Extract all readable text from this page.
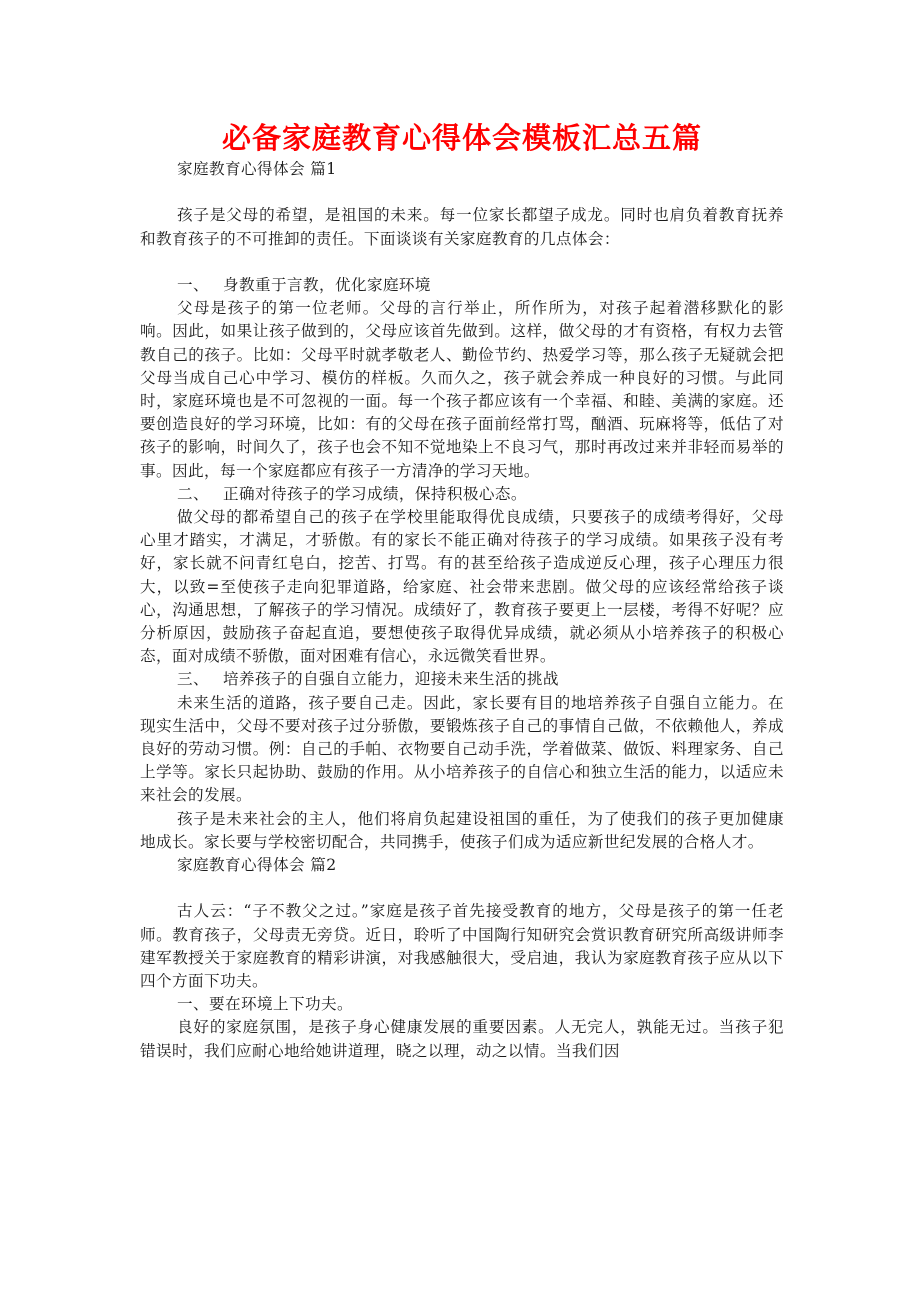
必备家庭教育心得体会模板汇总五篇

家庭教育心得体会 篇1

孩子是父母的希望，是祖国的未来。每一位家长都望子成龙。同时也肩负着教育抚养和教育孩子的不可推卸的责任。下面谈谈有关家庭教育的几点体会：

一、 身教重于言教，优化家庭环境

父母是孩子的第一位老师。父母的言行举止，所作所为，对孩子起着潜移默化的影响。因此，如果让孩子做到的，父母应该首先做到。这样，做父母的才有资格，有权力去管教自己的孩子。比如：父母平时就孝敬老人、勤俭节约、热爱学习等，那么孩子无疑就会把父母当成自己心中学习、模仿的样板。久而久之，孩子就会养成一种良好的习惯。与此同时，家庭环境也是不可忽视的一面。每一个孩子都应该有一个幸福、和睦、美满的家庭。还要创造良好的学习环境，比如：有的父母在孩子面前经常打骂，酗酒、玩麻将等，低估了对孩子的影响，时间久了，孩子也会不知不觉地染上不良习气，那时再改过来并非轻而易举的事。因此，每一个家庭都应有孩子一方清净的学习天地。

二、 正确对待孩子的学习成绩，保持积极心态。

做父母的都希望自己的孩子在学校里能取得优良成绩，只要孩子的成绩考得好，父母心里才踏实，才满足，才骄傲。有的家长不能正确对待孩子的学习成绩。如果孩子没有考好，家长就不问青红皂白，挖苦、打骂。有的甚至给孩子造成逆反心理，孩子心理压力很大，以致=至使孩子走向犯罪道路，给家庭、社会带来悲剧。做父母的应该经常给孩子谈心，沟通思想，了解孩子的学习情况。成绩好了，教育孩子要更上一层楼，考得不好呢？应分析原因，鼓励孩子奋起直追，要想使孩子取得优异成绩，就必须从小培养孩子的积极心态，面对成绩不骄傲，面对困难有信心，永远微笑看世界。

三、 培养孩子的自强自立能力，迎接未来生活的挑战

未来生活的道路，孩子要自己走。因此，家长要有目的地培养孩子自强自立能力。在现实生活中，父母不要对孩子过分骄傲，要锻炼孩子自己的事情自己做，不依赖他人，养成良好的劳动习惯。例：自己的手帕、衣物要自己动手洗，学着做菜、做饭、料理家务、自己上学等。家长只起协助、鼓励的作用。从小培养孩子的自信心和独立生活的能力，以适应未来社会的发展。

孩子是未来社会的主人，他们将肩负起建设祖国的重任，为了使我们的孩子更加健康地成长。家长要与学校密切配合，共同携手，使孩子们成为适应新世纪发展的合格人才。

家庭教育心得体会 篇2

古人云：“子不教父之过。”家庭是孩子首先接受教育的地方，父母是孩子的第一任老师。教育孩子，父母责无旁贷。近日，聆听了中国陶行知研究会赏识教育研究所高级讲师李建军教授关于家庭教育的精彩讲演，对我感触很大，受启迪，我认为家庭教育孩子应从以下四个方面下功夫。

一、要在环境上下功夫。

良好的家庭氛围，是孩子身心健康发展的重要因素。人无完人，孰能无过。当孩子犯错误时，我们应耐心地给她讲道理，晓之以理，动之以情。当我们因
